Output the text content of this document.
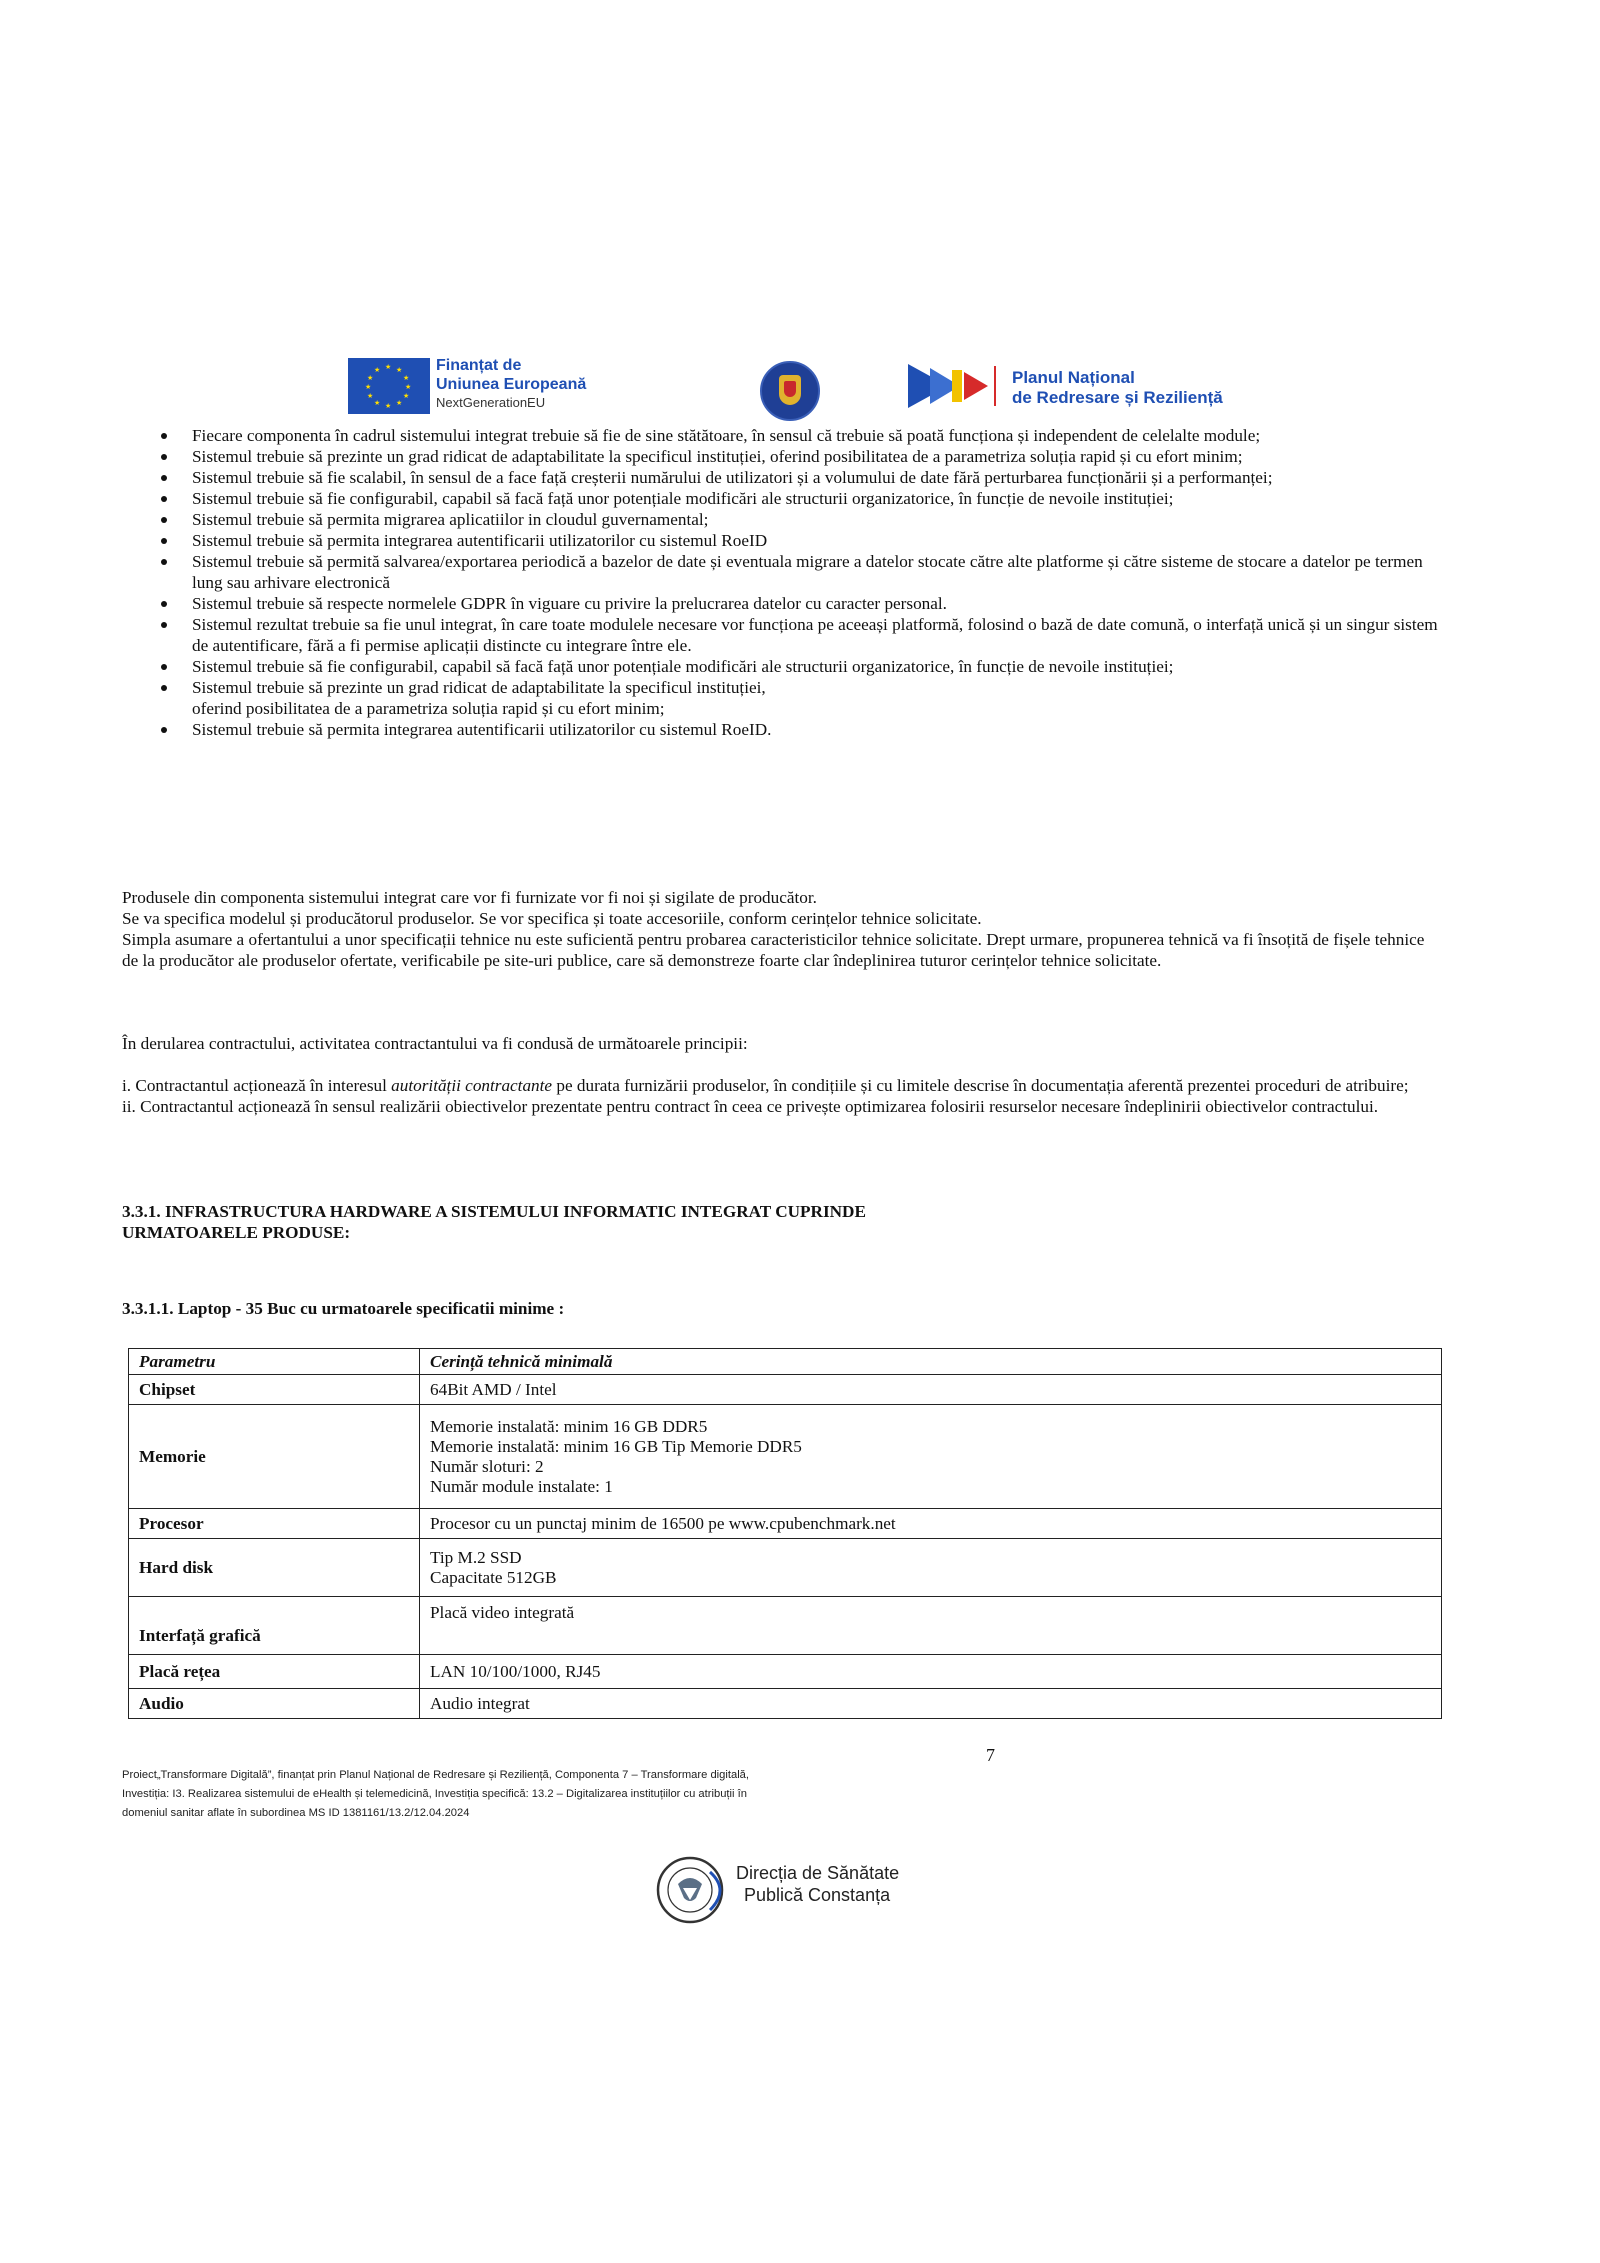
★ ★
★
★
★
★
★
★
★
★
★
★	Finanțat de
Uniunea Europeană
NextGenerationEU
Planul Național
de Redresare și Reziliență
Fiecare componenta în cadrul sistemului integrat trebuie să fie de sine stătătoare, în sensul că trebuie să poată funcționa și independent de celelalte module;
Sistemul trebuie să prezinte un grad ridicat de adaptabilitate la specificul instituției, oferind posibilitatea de a parametriza soluția rapid și cu efort minim;
Sistemul trebuie să fie scalabil, în sensul de a face față creșterii numărului de utilizatori și a volumului de date fără perturbarea funcționării și a performanței;
Sistemul trebuie să fie configurabil, capabil să facă față unor potențiale modificări ale structurii organizatorice, în funcție de nevoile instituției;
Sistemul trebuie să permita migrarea aplicatiilor in cloudul guvernamental;
Sistemul trebuie să permita integrarea autentificarii utilizatorilor cu sistemul RoeID
Sistemul trebuie să permită salvarea/exportarea periodică a bazelor de date și eventuala migrare a datelor stocate către alte platforme și către sisteme de stocare a datelor pe termen lung sau arhivare electronică
Sistemul trebuie să respecte normelele GDPR în viguare cu privire la prelucrarea datelor cu caracter personal.
Sistemul rezultat trebuie sa fie unul integrat, în care toate modulele necesare vor funcționa pe aceeași platformă, folosind o bază de date comună, o interfață unică și un singur sistem de autentificare, fără a fi permise aplicații distincte cu integrare între ele.
Sistemul trebuie să fie configurabil, capabil să facă față unor potențiale modificări ale structurii organizatorice, în funcție de nevoile instituției;
Sistemul trebuie să prezinte un grad ridicat de adaptabilitate la specificul instituției,
oferind posibilitatea de a parametriza soluția rapid și cu efort minim;
Sistemul trebuie să permita integrarea autentificarii utilizatorilor cu sistemul RoeID.
Produsele din componenta sistemului integrat care vor fi furnizate vor fi noi și sigilate de producător.
Se va specifica modelul și producătorul produselor. Se vor specifica și toate accesoriile, conform cerințelor tehnice solicitate.
Simpla asumare a ofertantului a unor specificații tehnice nu este suficientă pentru probarea caracteristicilor tehnice solicitate. Drept urmare, propunerea tehnică va fi însoțită de fișele tehnice de la producător ale produselor ofertate, verificabile pe site-uri publice, care să demonstreze foarte clar îndeplinirea tuturor cerințelor tehnice solicitate.
În derularea contractului, activitatea contractantului va fi condusă de următoarele principii:
i. Contractantul acționează în interesul autorității contractante pe durata furnizării produselor, în condițiile și cu limitele descrise în documentația aferentă prezentei proceduri de atribuire;
ii. Contractantul acționează în sensul realizării obiectivelor prezentate pentru contract în ceea ce privește optimizarea folosirii resurselor necesare îndeplinirii obiectivelor contractului.
3.3.1. INFRASTRUCTURA HARDWARE A SISTEMULUI INFORMATIC INTEGRAT CUPRINDE
URMATOARELE PRODUSE:
3.3.1.1. Laptop - 35 Buc cu urmatoarele specificatii minime :
Parametru	Cerință tehnică minimală
Chipset	64Bit AMD / Intel

Memorie	Memorie instalată: minim 16 GB DDR5
Memorie instalată: minim 16 GB Tip Memorie DDR5
Număr sloturi: 2
Număr module instalate: 1

Procesor	Procesor cu un punctaj minim de 16500 pe www.cpubenchmark.net

Hard disk	Tip M.2 SSD
Capacitate 512GB

Interfață grafică	Placă video integrată

Placă rețea	LAN 10/100/1000, RJ45

Audio	Audio integrat
7
Proiect„Transformare Digitală”, finanțat prin Planul Național de Redresare și Reziliență, Componenta 7 – Transformare digitală,
Investiția: I3. Realizarea sistemului de eHealth și telemedicină, Investiția specifică: 13.2 – Digitalizarea instituțiilor cu atribuții în
domeniul sanitar aflate în subordinea MS ID 1381161/13.2/12.04.2024
Direcția de Sănătate
Publică Constanța
